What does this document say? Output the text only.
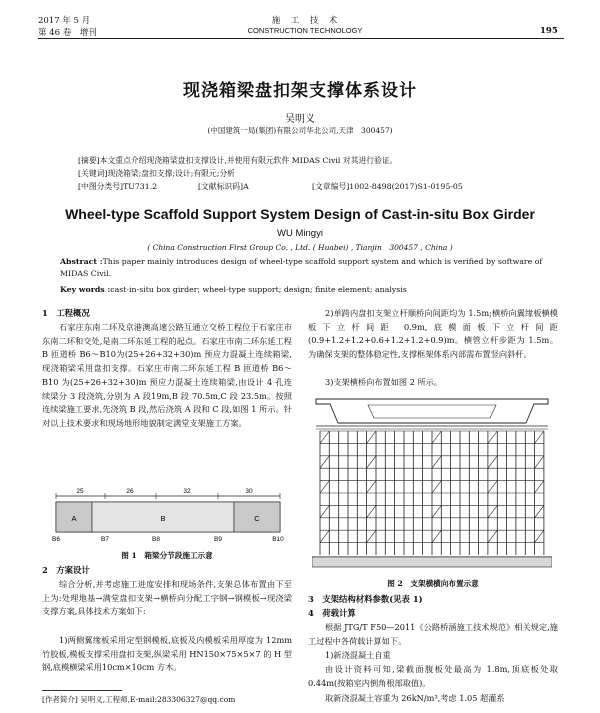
2017 年 5 月
第 46 卷　增刊
施　工　技　术
CONSTRUCTION TECHNOLOGY	195
现浇箱梁盘扣架支撑体系设计
吴明义
(中国建筑一局(集团)有限公司华北公司,天津　300457)
[摘要]本文重点介绍现浇箱梁盘扣支撑设计,并使用有限元软件 MIDAS Civil 对其进行验证。
[关键词]现浇箱梁;盘扣支撑;设计;有限元;分析
[中图分类号]TU731.2	[文献标识码]A	[文章编号]1002-8498(2017)S1-0195-05
Wheel-type Scaffold Support System Design of Cast-in-situ Box Girder
WU Mingyi
( China Construction First Group Co. , Ltd. ( Huabei) , Tianjin　300457 , China )
Abstract :This paper mainly introduces design of wheel-type scaffold support system and which is verified by software of MIDAS Civil.
Key words :cast-in-situ box girder; wheel-type support; design; finite element; analysis
1　工程概况
石家庄东南二环及京港澳高速公路互通立交桥工程位于石家庄市东南二环和交处,是南二环东延工程的起点。石家庄市南二环东延工程 B 匝道桥 B6～B10为(25+26+32+30)m 预应力混凝土连续箱梁,现浇箱梁采用盘扣支撑。石家庄市南二环东延工程 B 匝道桥 B6～B10 为(25+26+32+30)m 预应力混凝土连续箱梁,由设计 4 孔连续梁分 3 段浇筑,分别为 A 段19m,B 段 70.5m,C 段 23.5m。按照连续梁施工要求,先浇筑 B 段,然后浇筑 A 段和 C 段,如图 1 所示。针对以上技术要求和现场地形地貌制定满堂支架施工方案。
25	26	32	30
A	B	C
B6	B7	B8	B9	B10
图 1　箱梁分节段施工示意
2　方案设计
综合分析,并考虑施工进度安排和现场条件,支架总体布置由下至上为:处理地基→满堂盘扣支架→横桥向分配工字钢→钢模板→现浇梁支撑方案,具体技术方案如下:
1)两侧翼缘板采用定型钢模板,底板及内模板采用厚度为 12mm 竹胶板,模板支撑采用盘扣支架,纵梁采用 HN150×75×5×7 的 H 型钢,底模横梁采用10cm×10cm 方木。
[作者简介] 吴明义,工程师,E-mail:283306327@qq.com
2)单跨内盘扣支架立杆顺桥向间距均为 1.5m;横桥向翼缘板横模板下立杆间距 0.9m,底模面板下立杆间距(0.9+1.2+1.2+0.6+1.2+1.2+0.9)m。横管立杆步距为 1.5m。为确保支架的整体稳定性,支撑框架体系内部需布置竖向斜杆。
3)支架横桥向布置如图 2 所示。
图 2　支架横横向布置示意
3　支架结构材料参数(见表 1)
4　荷载计算
根据 JTG/T F50—2011《公路桥涵施工技术规范》相关规定,施工过程中各荷载计算如下。
1)新浇混凝土自重
由设计资料可知,梁截面腹板处最高为 1.8m,顶底板处取 0.44m(按箱室内倒角根部取值)。
取新浇混凝土容重为 26kN/m³,考虑 1.05 超灌系
